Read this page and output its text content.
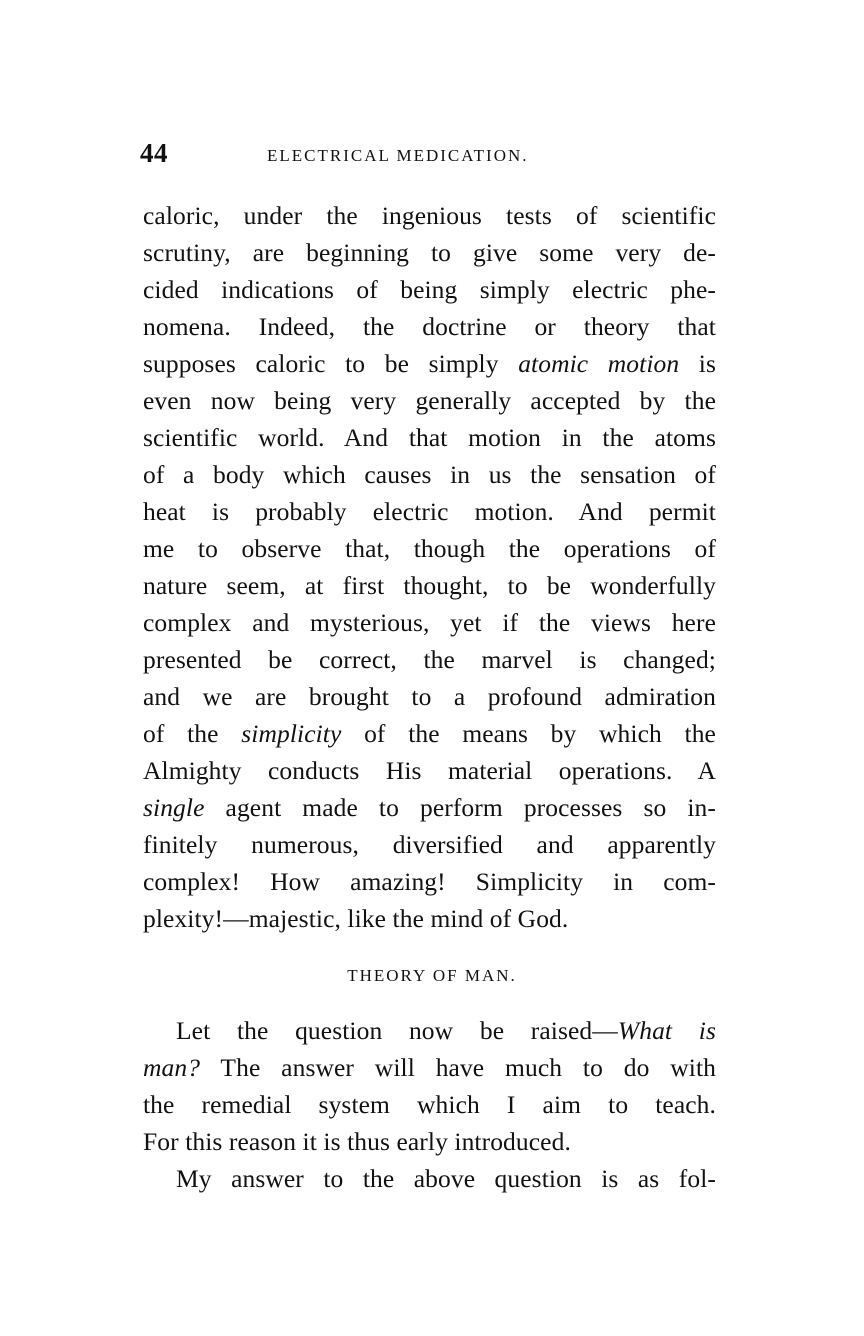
44	ELECTRICAL MEDICATION.
caloric, under the ingenious tests of scientific
scrutiny, are beginning to give some very de-
cided indications of being simply electric phe-
nomena. Indeed, the doctrine or theory that
supposes caloric to be simply atomic motion is
even now being very generally accepted by the
scientific world. And that motion in the atoms
of a body which causes in us the sensation of
heat is probably electric motion. And permit
me to observe that, though the operations of
nature seem, at first thought, to be wonderfully
complex and mysterious, yet if the views here
presented be correct, the marvel is changed;
and we are brought to a profound admiration
of the simplicity of the means by which the
Almighty conducts His material operations. A
single agent made to perform processes so in-
finitely numerous, diversified and apparently
complex! How amazing! Simplicity in com-
plexity!—majestic, like the mind of God.
THEORY OF MAN.
Let the question now be raised—What is
man? The answer will have much to do with
the remedial system which I aim to teach.
For this reason it is thus early introduced.
My answer to the above question is as fol-
